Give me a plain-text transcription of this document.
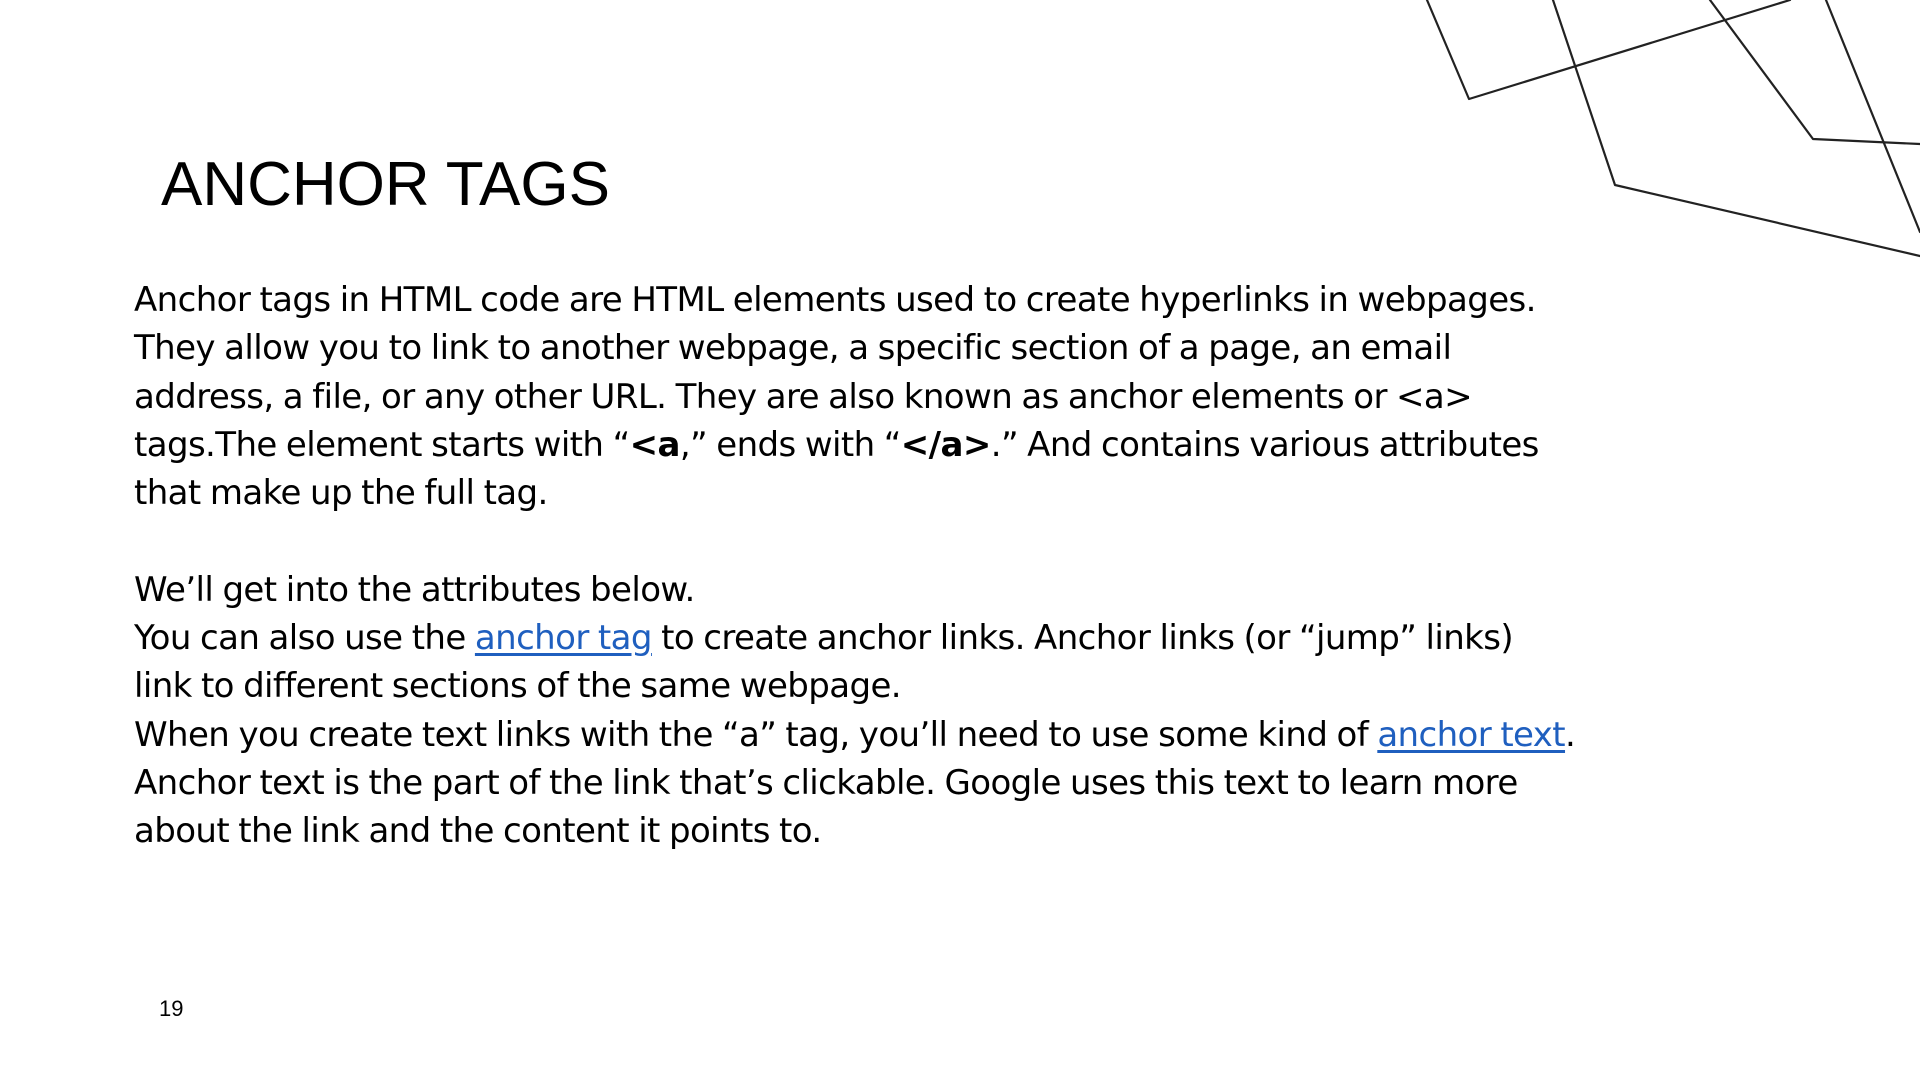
ANCHOR TAGS
Anchor tags in HTML code are HTML elements used to create hyperlinks in webpages.
They allow you to link to another webpage, a specific section of a page, an email
address, a file, or any other URL. They are also known as anchor elements or <a>
tags.The element starts with “<a,” ends with “</a>.” And contains various attributes
that make up the full tag.
We’ll get into the attributes below.
You can also use the anchor tag to create anchor links. Anchor links (or “jump” links)
link to different sections of the same webpage.
When you create text links with the “a” tag, you’ll need to use some kind of anchor text.
Anchor text is the part of the link that’s clickable. Google uses this text to learn more
about the link and the content it points to.
19
